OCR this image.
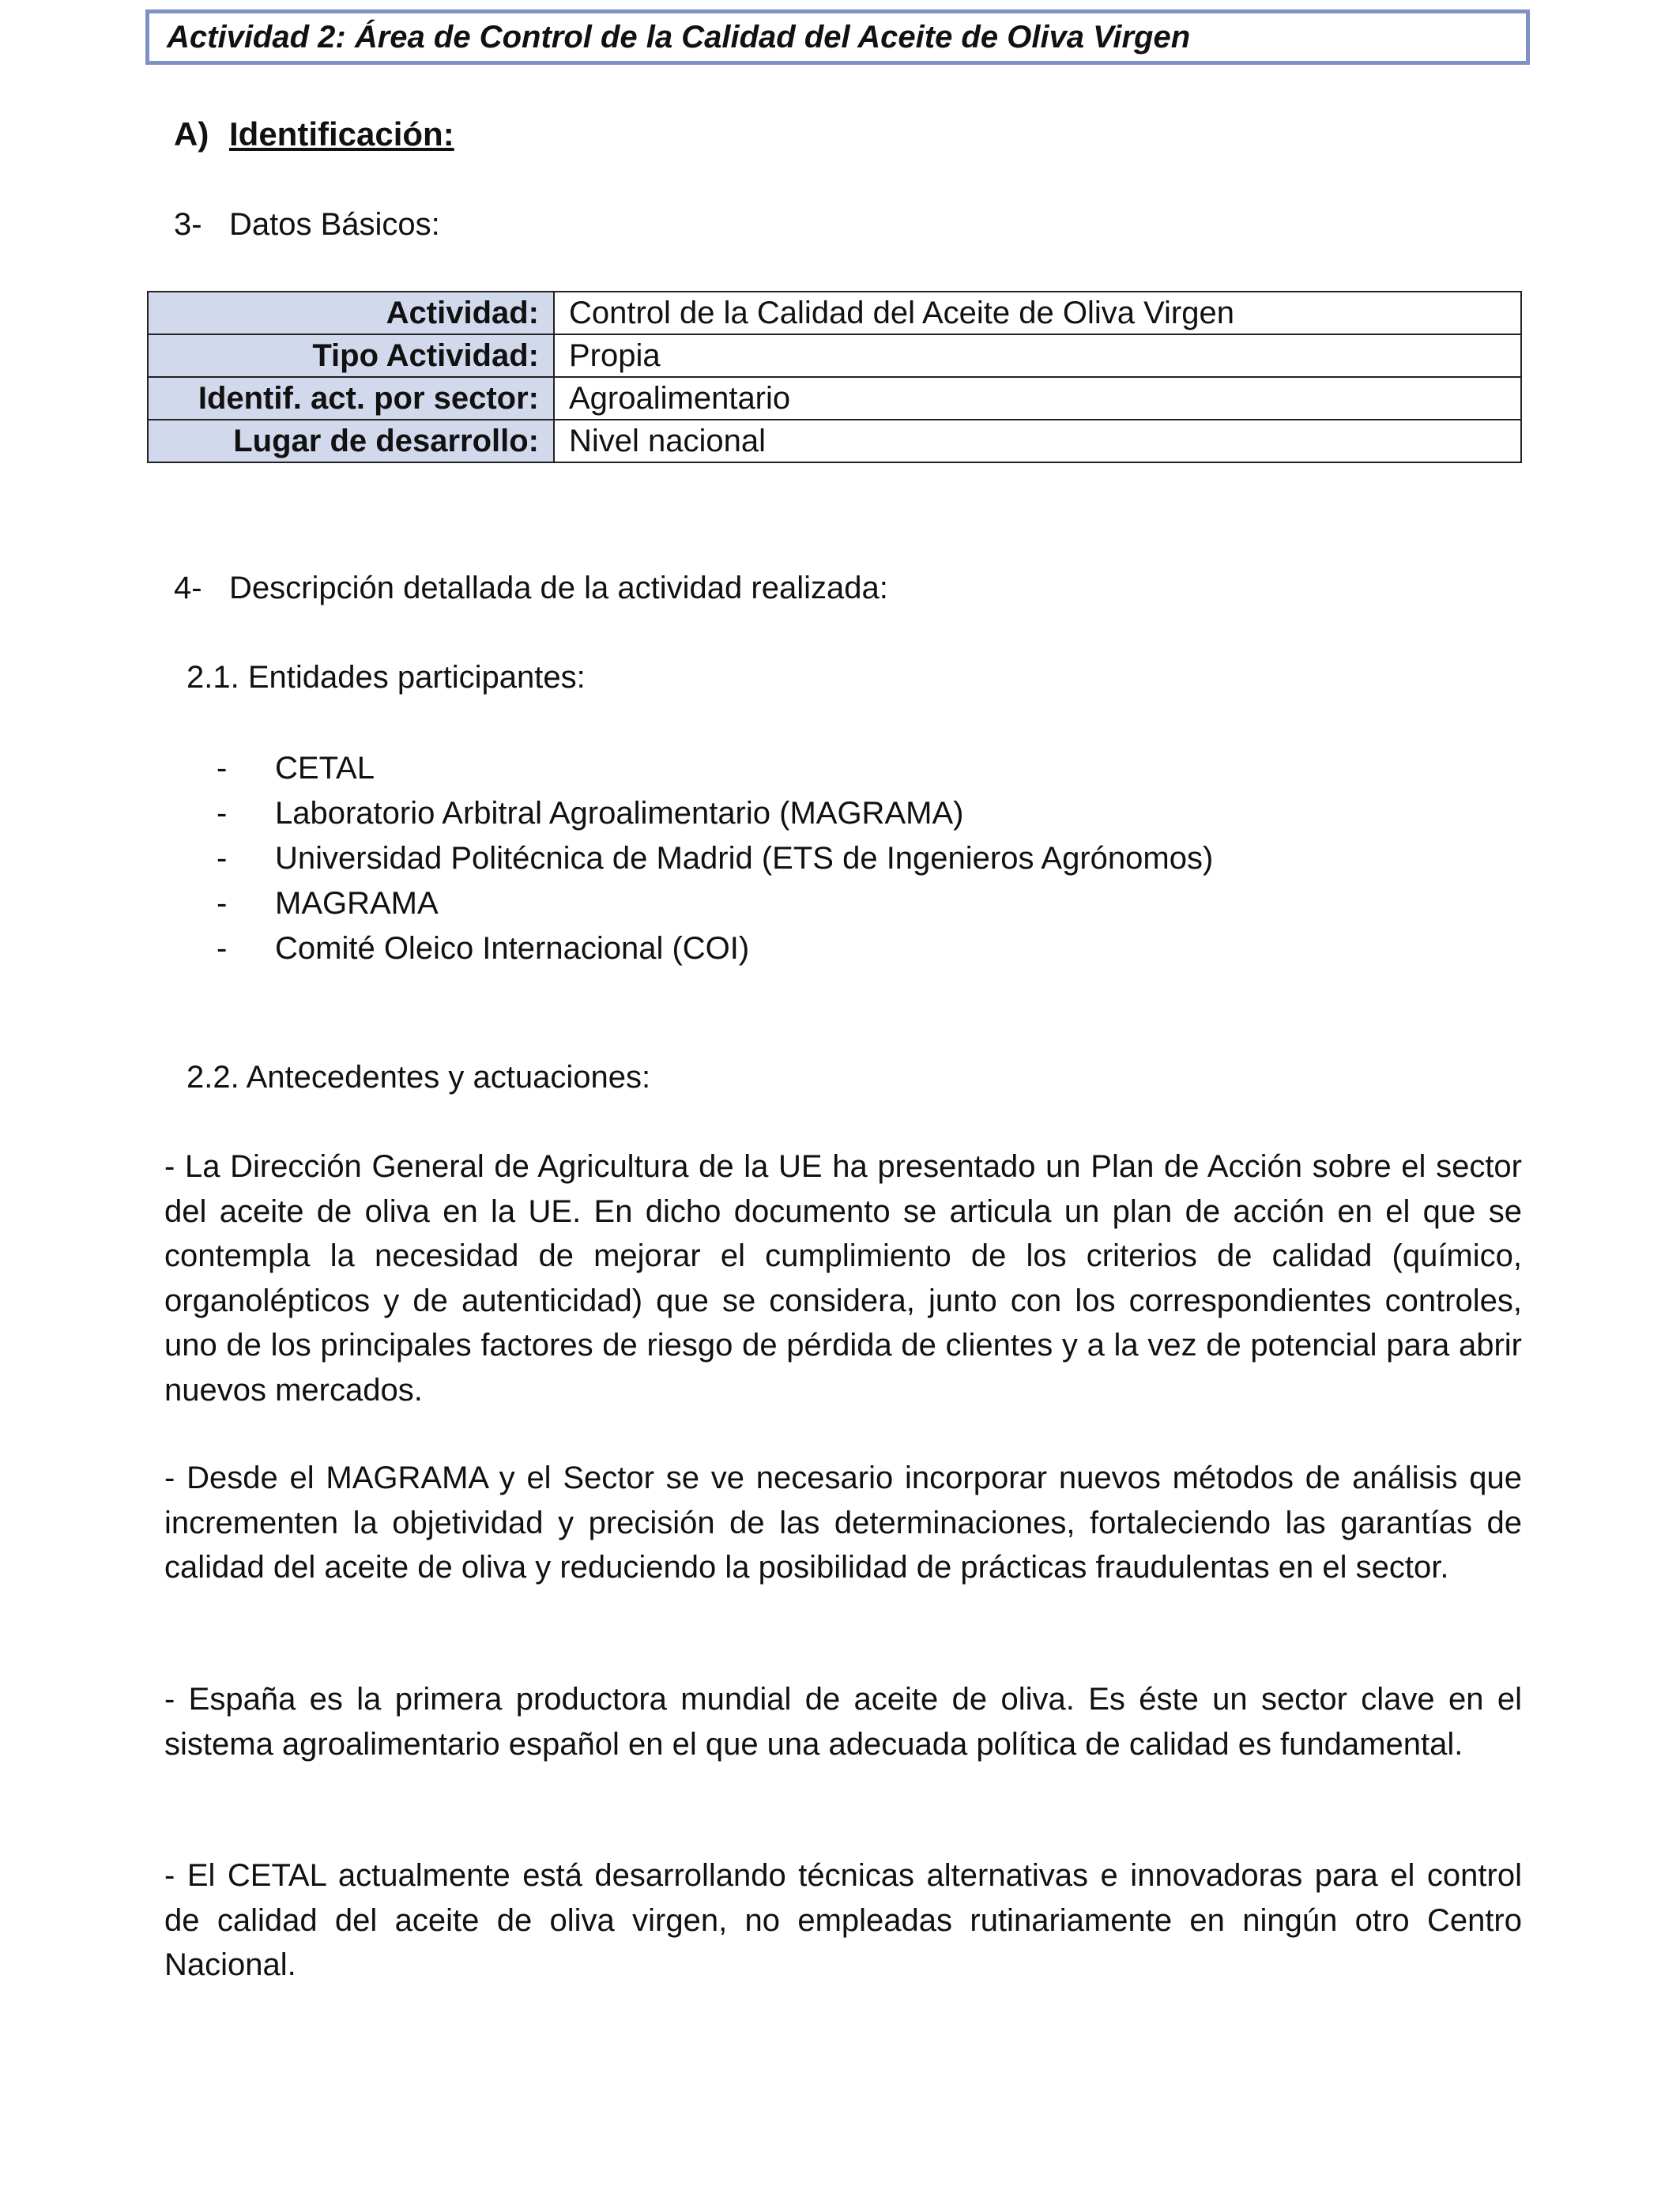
Actividad 2: Área de Control de la Calidad del Aceite de Oliva Virgen
A) Identificación:
3- Datos Básicos:
Actividad:	Control de la Calidad del Aceite de Oliva Virgen
Tipo Actividad:	Propia
Identif. act. por sector:	Agroalimentario
Lugar de desarrollo:	Nivel nacional
4- Descripción detallada de la actividad realizada:
2.1. Entidades participantes:
- CETAL
- Laboratorio Arbitral Agroalimentario (MAGRAMA)
- Universidad Politécnica de Madrid (ETS de Ingenieros Agrónomos)
- MAGRAMA
- Comité Oleico Internacional (COI)
2.2. Antecedentes y actuaciones:

- La Dirección General de Agricultura de la UE ha presentado un Plan de Acción sobre el sector del aceite de oliva en la UE. En dicho documento se articula un plan de acción en el que se contempla la necesidad de mejorar el cumplimiento de los criterios de calidad (químico, organolépticos y de autenticidad) que se considera, junto con los correspondientes controles, uno de los principales factores de riesgo de pérdida de clientes y a la vez de potencial para abrir nuevos mercados.

- Desde el MAGRAMA y el Sector se ve necesario incorporar nuevos métodos de análisis que incrementen la objetividad y precisión de las determinaciones, fortaleciendo las garantías de calidad del aceite de oliva y reduciendo la posibilidad de prácticas fraudulentas en el sector.

- España es la primera productora mundial de aceite de oliva. Es éste un sector clave en el sistema agroalimentario español en el que una adecuada política de calidad es fundamental.

- El CETAL actualmente está desarrollando técnicas alternativas e innovadoras para el control de calidad del aceite de oliva virgen, no empleadas rutinariamente en ningún otro Centro Nacional.
